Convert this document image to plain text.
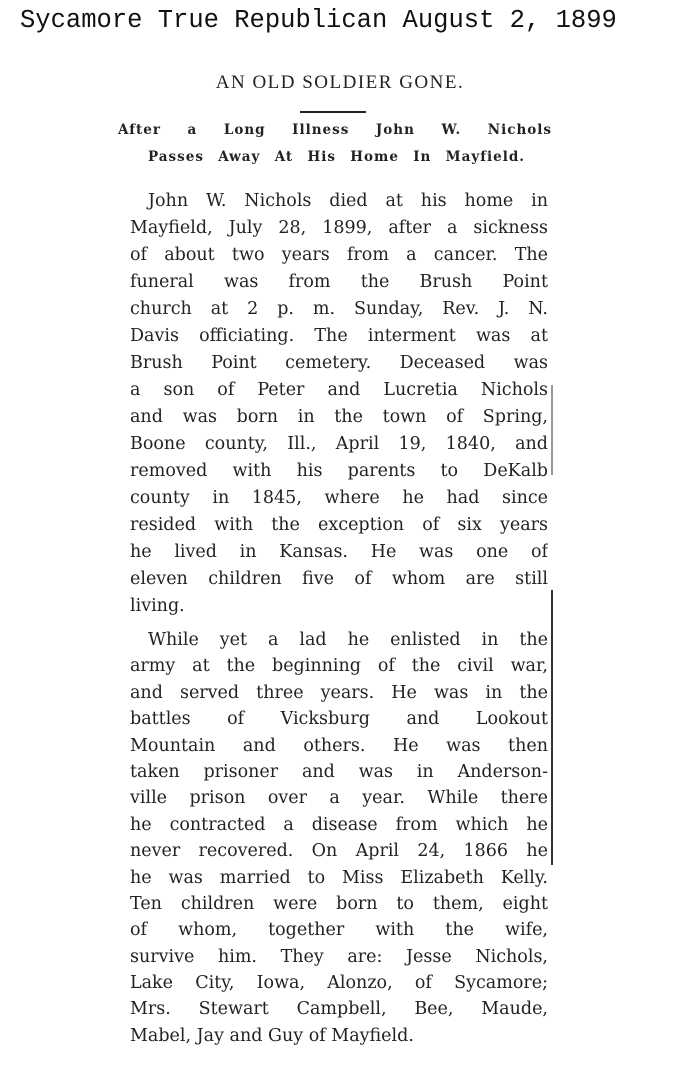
Sycamore True Republican August 2, 1899
AN OLD SOLDIER GONE.
After a Long Illness John W. Nichols
Passes Away At His Home In Mayfield.
John W. Nichols died at his home in
Mayfield, July 28, 1899, after a sickness
of about two years from a cancer. The
funeral was from the Brush Point
church at 2 p. m. Sunday, Rev. J. N.
Davis officiating. The interment was at
Brush Point cemetery. Deceased was
a son of Peter and Lucretia Nichols
and was born in the town of Spring,
Boone county, Ill., April 19, 1840, and
removed with his parents to DeKalb
county in 1845, where he had since
resided with the exception of six years
he lived in Kansas. He was one of
eleven children five of whom are still
living.
While yet a lad he enlisted in the
army at the beginning of the civil war,
and served three years. He was in the
battles of Vicksburg and Lookout
Mountain and others. He was then
taken prisoner and was in Anderson-
ville prison over a year. While there
he contracted a disease from which he
never recovered. On April 24, 1866 he
he was married to Miss Elizabeth Kelly.
Ten children were born to them, eight
of whom, together with the wife,
survive him. They are: Jesse Nichols,
Lake City, Iowa, Alonzo, of Sycamore;
Mrs. Stewart Campbell, Bee, Maude,
Mabel, Jay and Guy of Mayfield.
